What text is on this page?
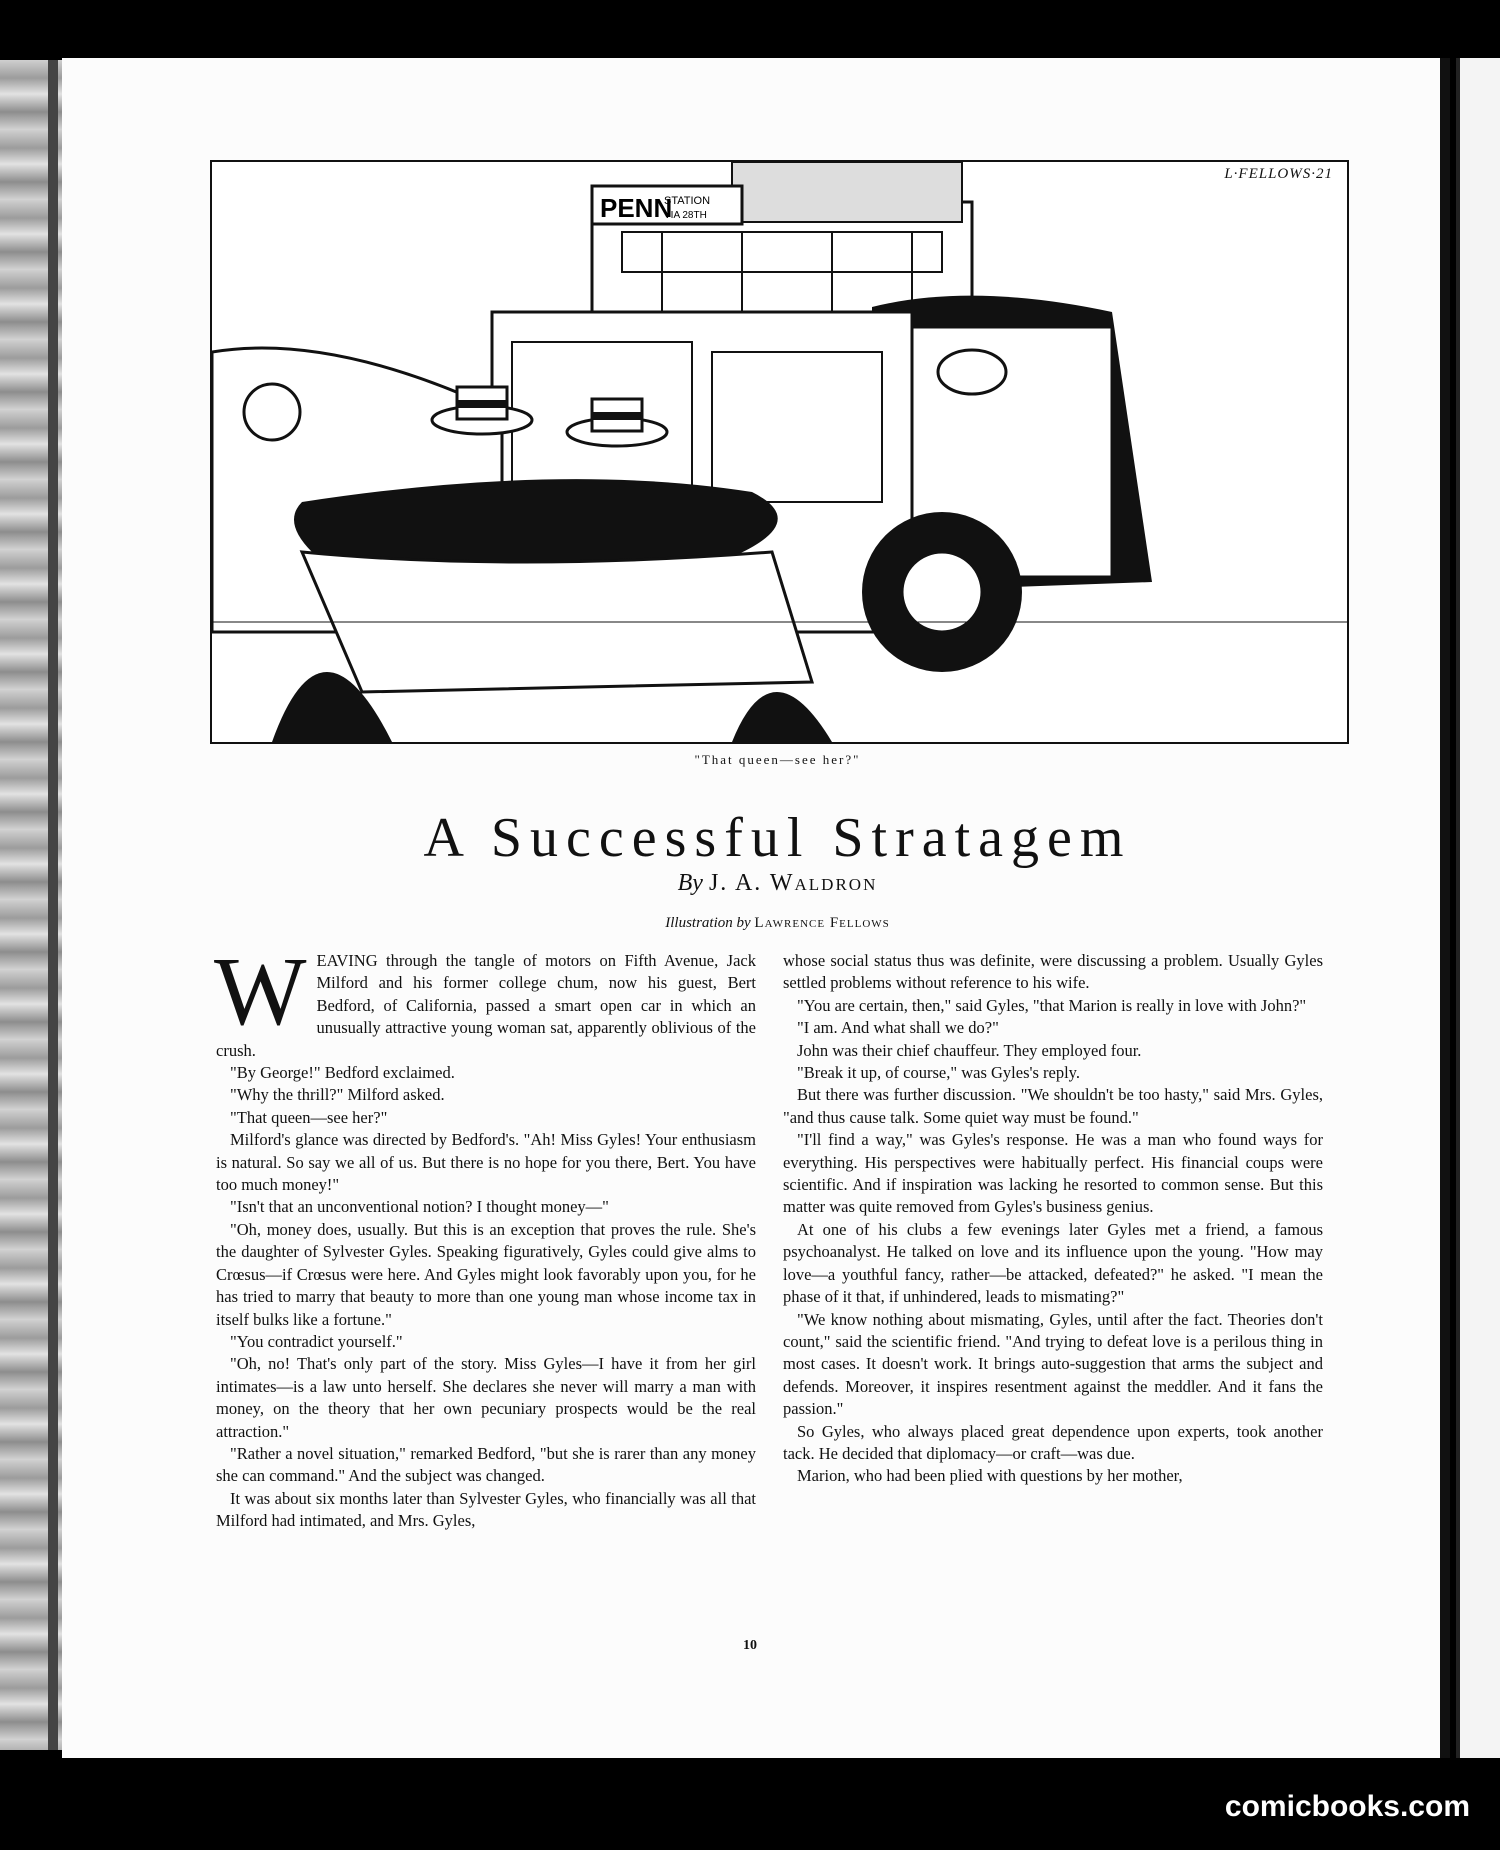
PENN
STATION
VIA 28TH
L·FELLOWS·21
"That queen—see her?"
A Successful Stratagem
By J. A. Waldron
Illustration by Lawrence Fellows

WEAVING through the tangle of motors on Fifth Avenue, Jack Milford and his former college chum, now his guest, Bert Bedford, of California, passed a smart open car in which an unusually attractive young woman sat, apparently oblivious of the crush.

"By George!" Bedford exclaimed.

"Why the thrill?" Milford asked.

"That queen—see her?"

Milford's glance was directed by Bedford's. "Ah! Miss Gyles! Your enthusiasm is natural. So say we all of us. But there is no hope for you there, Bert. You have too much money!"

"Isn't that an unconventional notion? I thought money—"

"Oh, money does, usually. But this is an exception that proves the rule. She's the daughter of Sylvester Gyles. Speaking figuratively, Gyles could give alms to Crœsus—if Crœsus were here. And Gyles might look favorably upon you, for he has tried to marry that beauty to more than one young man whose income tax in itself bulks like a fortune."

"You contradict yourself."

"Oh, no! That's only part of the story. Miss Gyles—I have it from her girl intimates—is a law unto herself. She declares she never will marry a man with money, on the theory that her own pecuniary prospects would be the real attraction."

"Rather a novel situation," remarked Bedford, "but she is rarer than any money she can command." And the subject was changed.

It was about six months later than Sylvester Gyles, who financially was all that Milford had intimated, and Mrs. Gyles,

whose social status thus was definite, were discussing a problem. Usually Gyles settled problems without reference to his wife.

"You are certain, then," said Gyles, "that Marion is really in love with John?"

"I am. And what shall we do?"

John was their chief chauffeur. They employed four.

"Break it up, of course," was Gyles's reply.

But there was further discussion. "We shouldn't be too hasty," said Mrs. Gyles, "and thus cause talk. Some quiet way must be found."

"I'll find a way," was Gyles's response. He was a man who found ways for everything. His perspectives were habitually perfect. His financial coups were scientific. And if inspiration was lacking he resorted to common sense. But this matter was quite removed from Gyles's business genius.

At one of his clubs a few evenings later Gyles met a friend, a famous psychoanalyst. He talked on love and its influence upon the young. "How may love—a youthful fancy, rather—be attacked, defeated?" he asked. "I mean the phase of it that, if unhindered, leads to mismating?"

"We know nothing about mismating, Gyles, until after the fact. Theories don't count," said the scientific friend. "And trying to defeat love is a perilous thing in most cases. It doesn't work. It brings auto-suggestion that arms the subject and defends. Moreover, it inspires resentment against the meddler. And it fans the passion."

So Gyles, who always placed great dependence upon experts, took another tack. He decided that diplomacy—or craft—was due.

Marion, who had been plied with questions by her mother,

10
comicbooks.com
